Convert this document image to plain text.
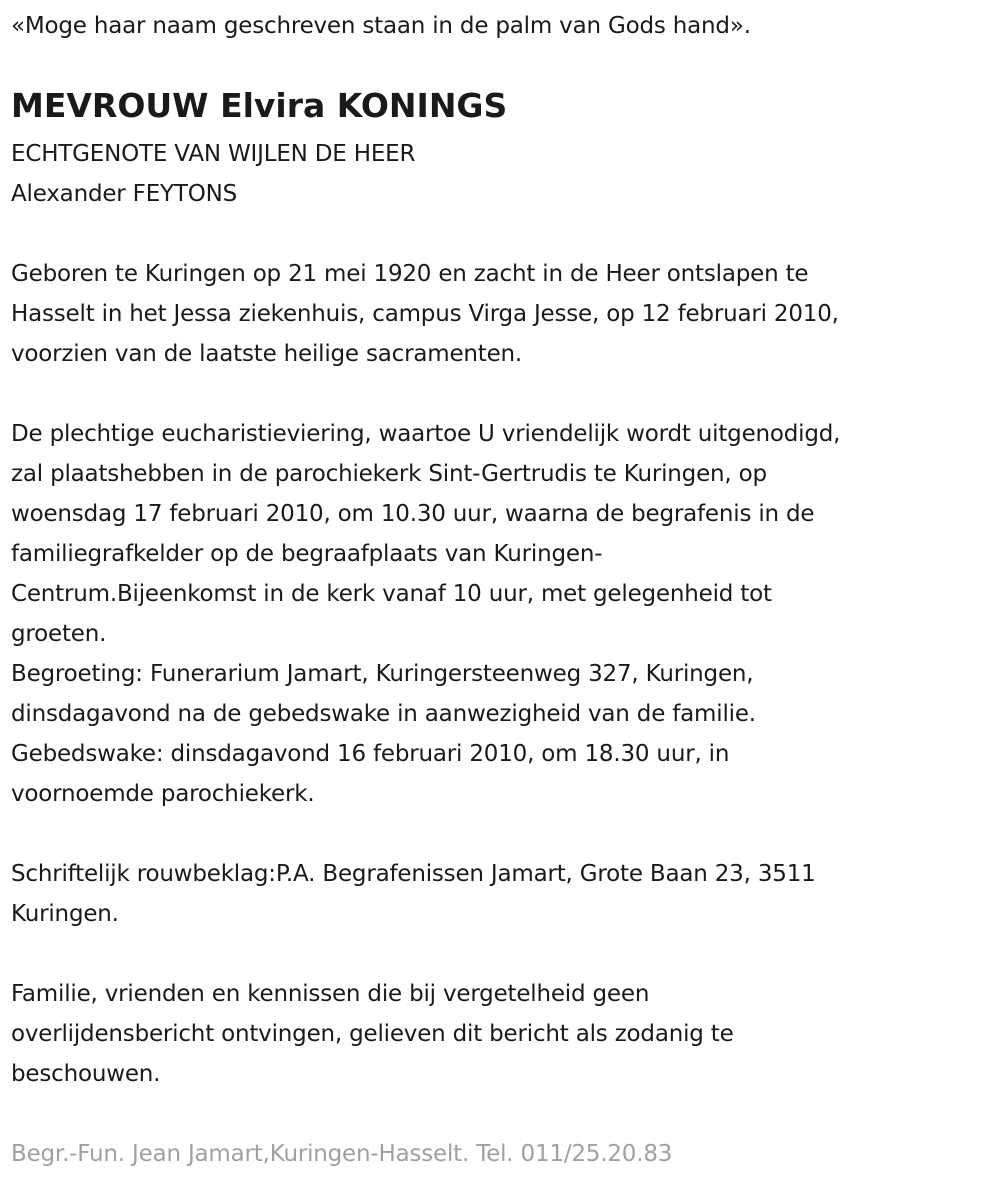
«Moge haar naam geschreven staan in de palm van Gods hand».
MEVROUW Elvira KONINGS
ECHTGENOTE VAN WIJLEN DE HEER
Alexander FEYTONS
Geboren te Kuringen op 21 mei 1920 en zacht in de Heer ontslapen te
Hasselt in het Jessa ziekenhuis, campus Virga Jesse, op 12 februari 2010,
voorzien van de laatste heilige sacramenten.
De plechtige eucharistieviering, waartoe U vriendelijk wordt uitgenodigd,
zal plaatshebben in de parochiekerk Sint-Gertrudis te Kuringen, op
woensdag 17 februari 2010, om 10.30 uur, waarna de begrafenis in de
familiegrafkelder op de begraafplaats van Kuringen-
Centrum.Bijeenkomst in de kerk vanaf 10 uur, met gelegenheid tot
groeten.
Begroeting: Funerarium Jamart, Kuringersteenweg 327, Kuringen,
dinsdagavond na de gebedswake in aanwezigheid van de familie.
Gebedswake: dinsdagavond 16 februari 2010, om 18.30 uur, in
voornoemde parochiekerk.
Schriftelijk rouwbeklag:P.A. Begrafenissen Jamart, Grote Baan 23, 3511
Kuringen.
Familie, vrienden en kennissen die bij vergetelheid geen
overlijdensbericht ontvingen, gelieven dit bericht als zodanig te
beschouwen.
Begr.-Fun. Jean Jamart,Kuringen-Hasselt. Tel. 011/25.20.83
